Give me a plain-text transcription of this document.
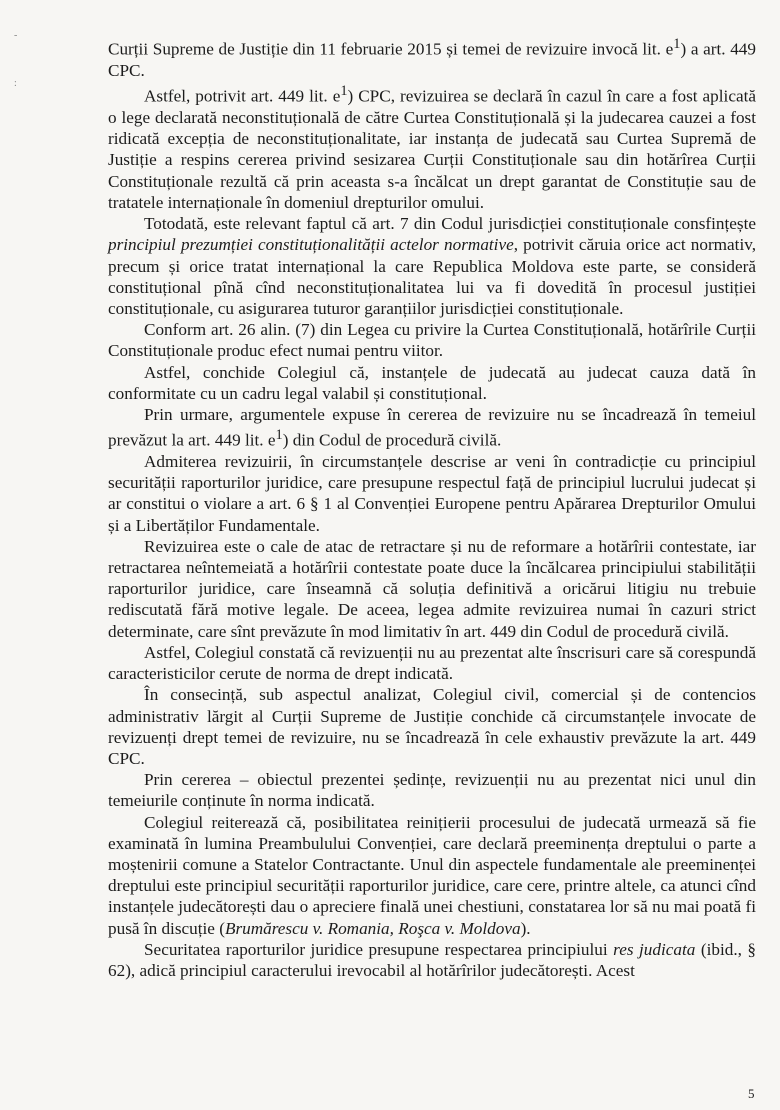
-
:

Curții Supreme de Justiție din 11 februarie 2015 și temei de revizuire invocă lit. $e^1$) a art. 449 CPC.

Astfel, potrivit art. 449 lit. $e^1$) CPC, revizuirea se declară în cazul în care a fost aplicată o lege declarată neconstituțională de către Curtea Constituțională și la judecarea cauzei a fost ridicată excepția de neconstituționalitate, iar instanța de judecată sau Curtea Supremă de Justiție a respins cererea privind sesizarea Curții Constituționale sau din hotărîrea Curții Constituționale rezultă că prin aceasta s-a încălcat un drept garantat de Constituție sau de tratatele internaționale în domeniul drepturilor omului.

Totodată, este relevant faptul că art. 7 din Codul jurisdicției constituționale consfințește principiul prezumției constituționalității actelor normative, potrivit căruia orice act normativ, precum și orice tratat internațional la care Republica Moldova este parte, se consideră constituțional pînă cînd neconstituționalitatea lui va fi dovedită în procesul justiției constituționale, cu asigurarea tuturor garanțiilor jurisdicției constituționale.

Conform art. 26 alin. (7) din Legea cu privire la Curtea Constituțională, hotărîrile Curții Constituționale produc efect numai pentru viitor.

Astfel, conchide Colegiul că, instanțele de judecată au judecat cauza dată în conformitate cu un cadru legal valabil și constituțional.

Prin urmare, argumentele expuse în cererea de revizuire nu se încadrează în temeiul prevăzut la art. 449 lit. $e^1$) din Codul de procedură civilă.

Admiterea revizuirii, în circumstanțele descrise ar veni în contradicție cu principiul securității raporturilor juridice, care presupune respectul față de principiul lucrului judecat și ar constitui o violare a art. 6 § 1 al Convenției Europene pentru Apărarea Drepturilor Omului și a Libertăților Fundamentale.

Revizuirea este o cale de atac de retractare și nu de reformare a hotărîrii contestate, iar retractarea neîntemeiată a hotărîrii contestate poate duce la încălcarea principiului stabilității raporturilor juridice, care înseamnă că soluția definitivă a oricărui litigiu nu trebuie rediscutată fără motive legale. De aceea, legea admite revizuirea numai în cazuri strict determinate, care sînt prevăzute în mod limitativ în art. 449 din Codul de procedură civilă.

Astfel, Colegiul constată că revizuenții nu au prezentat alte înscrisuri care să corespundă caracteristicilor cerute de norma de drept indicată.

În consecință, sub aspectul analizat, Colegiul civil, comercial și de contencios administrativ lărgit al Curții Supreme de Justiție conchide că circumstanțele invocate de revizuenți drept temei de revizuire, nu se încadrează în cele exhaustiv prevăzute la art. 449 CPC.

Prin cererea – obiectul prezentei ședințe, revizuenții nu au prezentat nici unul din temeiurile conținute în norma indicată.

Colegiul reiterează că, posibilitatea reinițierii procesului de judecată urmează să fie examinată în lumina Preambulului Convenției, care declară preeminența dreptului o parte a moștenirii comune a Statelor Contractante. Unul din aspectele fundamentale ale preeminenței dreptului este principiul securității raporturilor juridice, care cere, printre altele, ca atunci cînd instanțele judecătorești dau o apreciere finală unei chestiuni, constatarea lor să nu mai poată fi pusă în discuție (Brumărescu v. Romania, Roşca v. Moldova).

Securitatea raporturilor juridice presupune respectarea principiului res judicata (ibid., § 62), adică principiul caracterului irevocabil al hotărîrilor judecătorești. Acest

5
